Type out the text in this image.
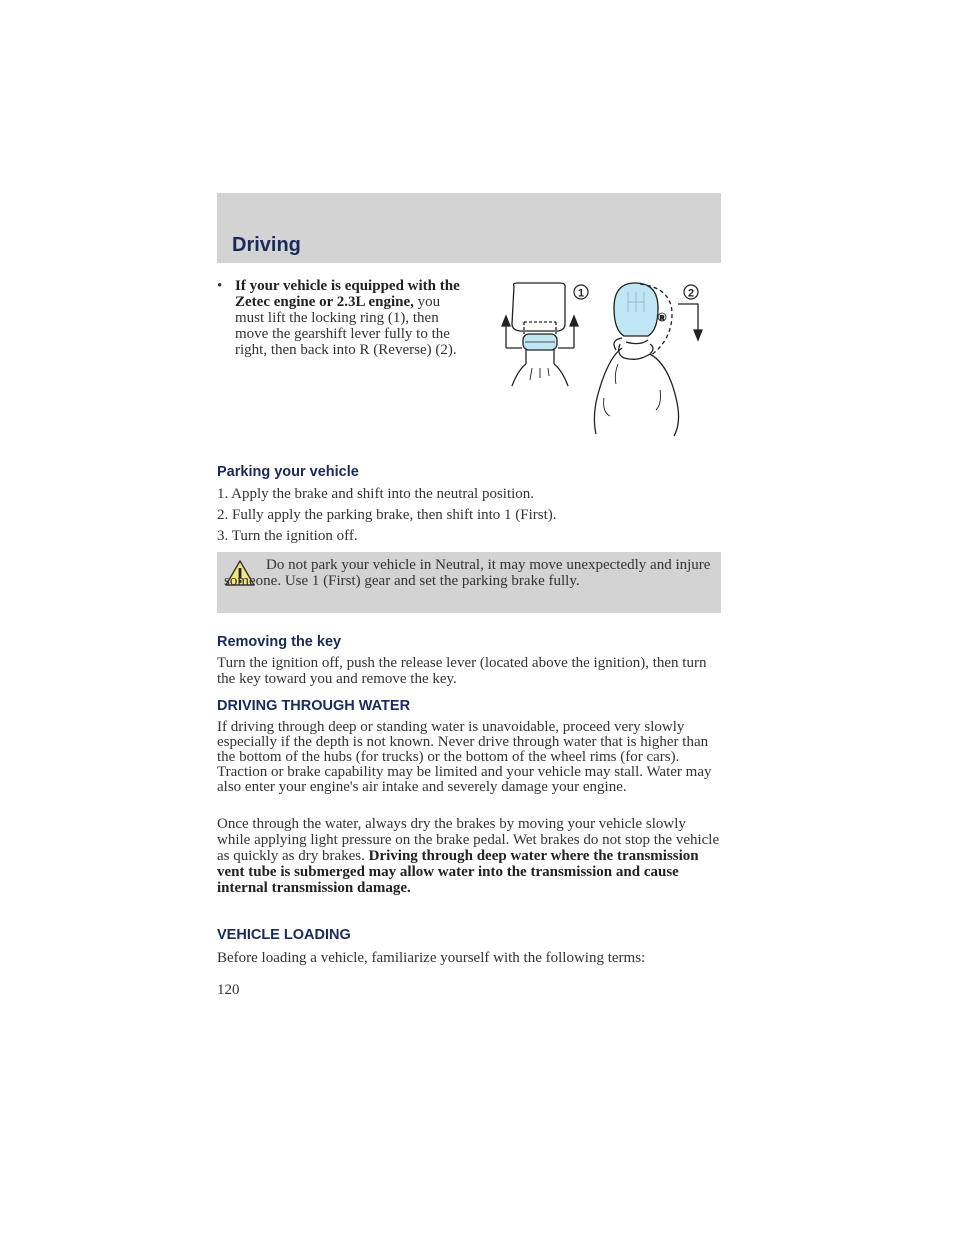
Driving
• If your vehicle is equipped with the Zetec engine or 2.3L engine, you must lift the locking ring (1), then move the gearshift lever fully to the right, then back into R (Reverse) (2).
1
R
2
Parking your vehicle
1. Apply the brake and shift into the neutral position.
2. Fully apply the parking brake, then shift into 1 (First).
3. Turn the ignition off.
Do not park your vehicle in Neutral, it may move unexpectedly and injure someone. Use 1 (First) gear and set the parking brake fully.
Removing the key
Turn the ignition off, push the release lever (located above the ignition), then turn the key toward you and remove the key.
DRIVING THROUGH WATER
If driving through deep or standing water is unavoidable, proceed very slowly especially if the depth is not known. Never drive through water that is higher than the bottom of the hubs (for trucks) or the bottom of the wheel rims (for cars). Traction or brake capability may be limited and your vehicle may stall. Water may also enter your engine's air intake and severely damage your engine.
Once through the water, always dry the brakes by moving your vehicle slowly while applying light pressure on the brake pedal. Wet brakes do not stop the vehicle as quickly as dry brakes. Driving through deep water where the transmission vent tube is submerged may allow water into the transmission and cause internal transmission damage.
VEHICLE LOADING
Before loading a vehicle, familiarize yourself with the following terms:
120
